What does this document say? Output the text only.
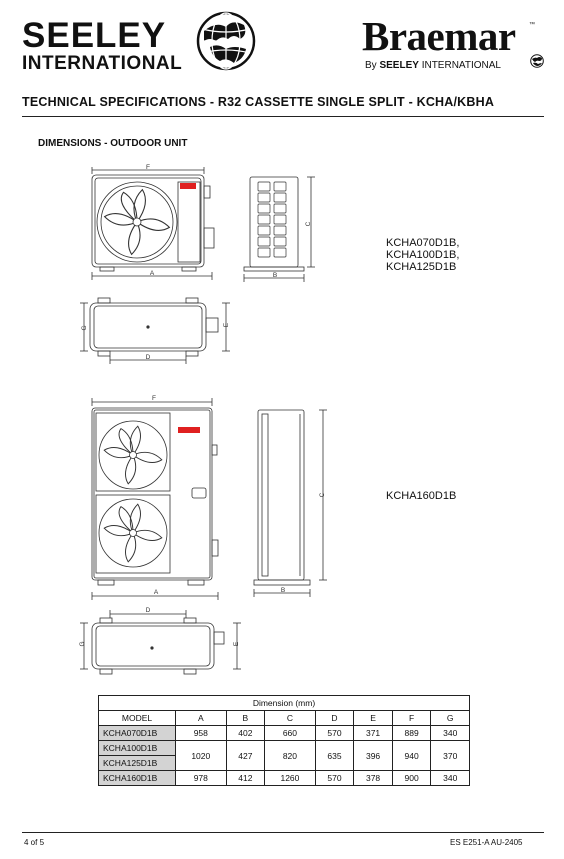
SEELEY
INTERNATIONAL
Braemar ™
By SEELEY INTERNATIONAL
TECHNICAL SPECIFICATIONS - R32 CASSETTE SINGLE SPLIT - KCHA/KBHA
DIMENSIONS - OUTDOOR UNIT
F
A
C
B
G
E
D
F
A
C
B
D
G	E
KCHA070D1B,
KCHA100D1B,
KCHA125D1B
KCHA160D1B
Dimension (mm)							
MODEL	A	B	C	D	E	F	G
KCHA070D1B	958	402	660	570	371	889	340
KCHA100D1B	1020	427	820	635	396	940	370
KCHA125D1B							
KCHA160D1B	978	412	1260	570	378	900	340
4 of 5	ES E251-A AU-2405
